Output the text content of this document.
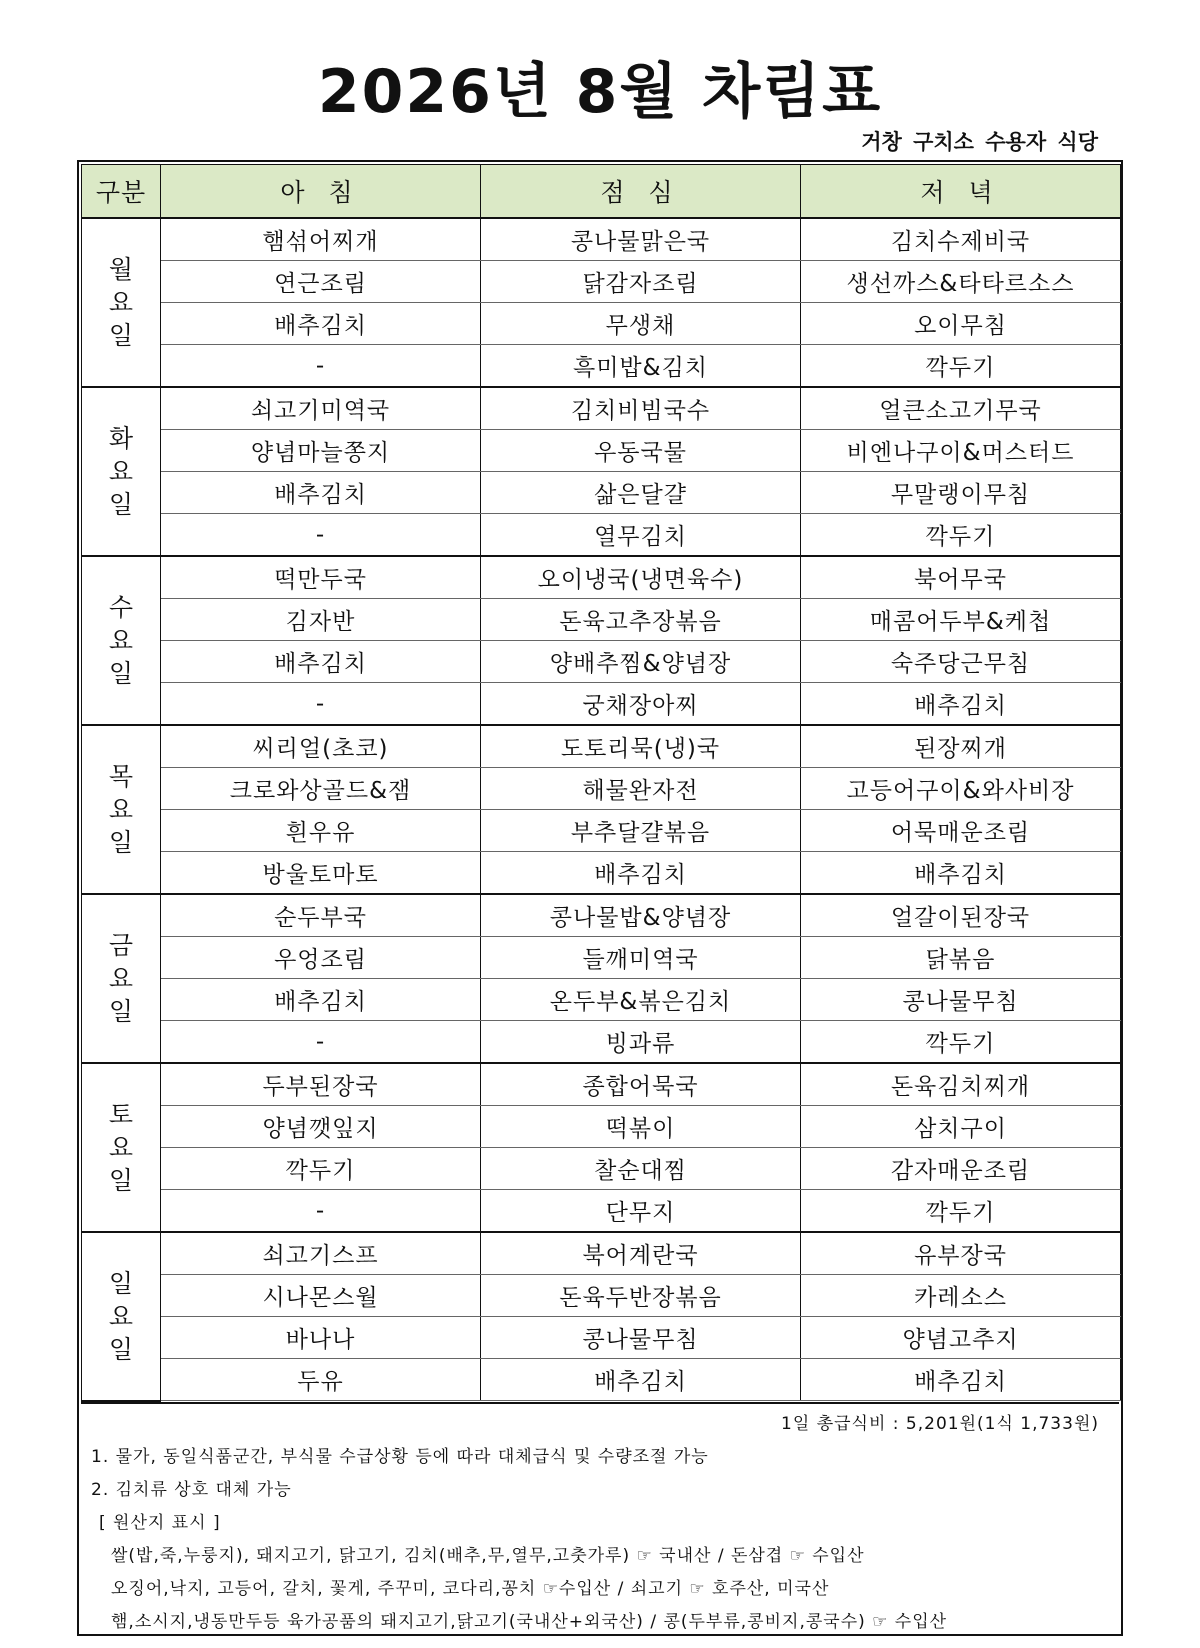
2026년 8월 차림표
거창 구치소 수용자 식당
구분	아 침	점 심	저 녁

월
요
일	햄섞어찌개	콩나물맑은국	김치수제비국
	연근조림	닭감자조림	생선까스&타타르소스
	배추김치	무생채	오이무침
	-	흑미밥&김치	깍두기

화
요
일	쇠고기미역국	김치비빔국수	얼큰소고기무국
	양념마늘쫑지	우동국물	비엔나구이&머스터드
	배추김치	삶은달걀	무말랭이무침
	-	열무김치	깍두기

수
요
일	떡만두국	오이냉국(냉면육수)	북어무국
	김자반	돈육고추장볶음	매콤어두부&케첩
	배추김치	양배추찜&양념장	숙주당근무침
	-	궁채장아찌	배추김치

목
요
일	씨리얼(초코)	도토리묵(냉)국	된장찌개
	크로와상골드&잼	해물완자전	고등어구이&와사비장
	흰우유	부추달걀볶음	어묵매운조림
	방울토마토	배추김치	배추김치

금
요
일	순두부국	콩나물밥&양념장	얼갈이된장국
	우엉조림	들깨미역국	닭볶음
	배추김치	온두부&볶은김치	콩나물무침
	-	빙과류	깍두기

토
요
일	두부된장국	종합어묵국	돈육김치찌개
	양념깻잎지	떡볶이	삼치구이
	깍두기	찰순대찜	감자매운조림
	-	단무지	깍두기

일
요
일	쇠고기스프	북어계란국	유부장국
	시나몬스월	돈육두반장볶음	카레소스
	바나나	콩나물무침	양념고추지
	두유	배추김치	배추김치
1일 총급식비 : 5,201원(1식 1,733원)
1. 물가, 동일식품군간, 부식물 수급상황 등에 따라 대체급식 및 수량조절 가능
2. 김치류 상호 대체 가능
[ 원산지 표시 ]
쌀(밥,죽,누룽지), 돼지고기, 닭고기, 김치(배추,무,열무,고춧가루) ☞ 국내산 / 돈삼겹 ☞ 수입산
오징어,낙지, 고등어, 갈치, 꽃게, 주꾸미, 코다리,꽁치 ☞수입산 / 쇠고기 ☞ 호주산, 미국산
햄,소시지,냉동만두등 육가공품의 돼지고기,닭고기(국내산+외국산) / 콩(두부류,콩비지,콩국수) ☞ 수입산
